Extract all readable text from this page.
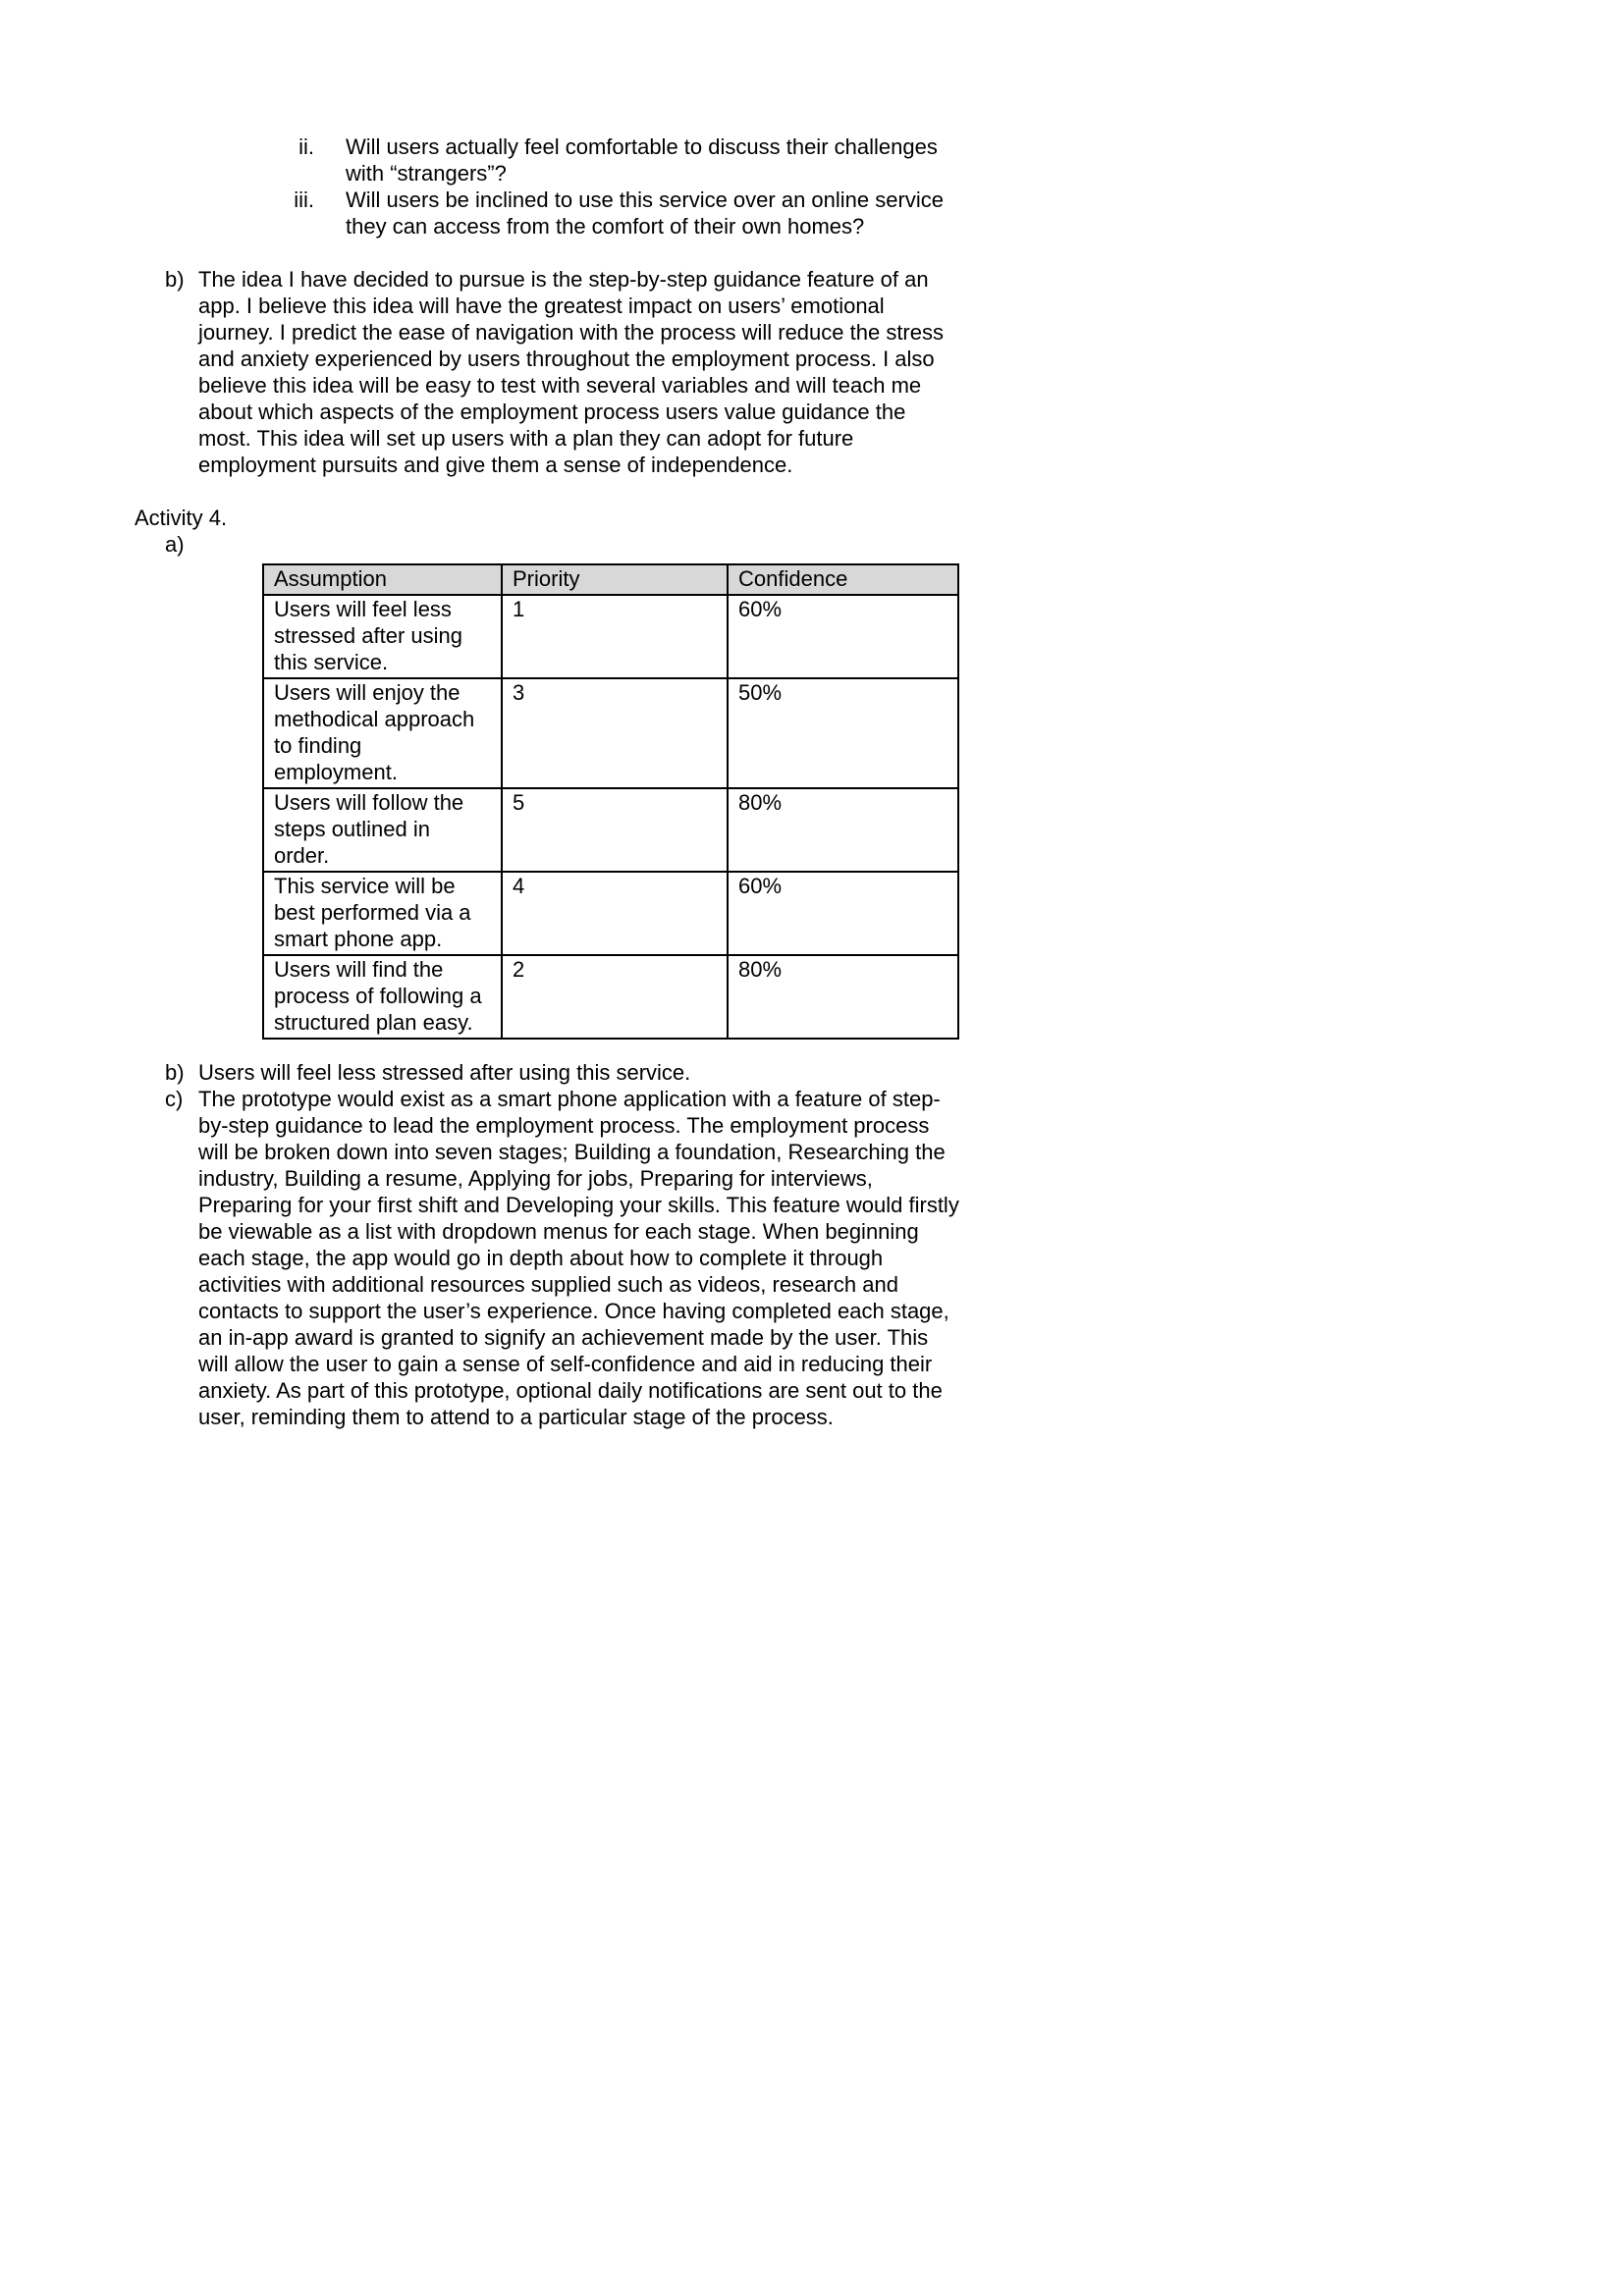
ii. Will users actually feel comfortable to discuss their challenges with “strangers”?
iii. Will users be inclined to use this service over an online service they can access from the comfort of their own homes?
b) The idea I have decided to pursue is the step-by-step guidance feature of an app. I believe this idea will have the greatest impact on users’ emotional journey. I predict the ease of navigation with the process will reduce the stress and anxiety experienced by users throughout the employment process. I also believe this idea will be easy to test with several variables and will teach me about which aspects of the employment process users value guidance the most. This idea will set up users with a plan they can adopt for future employment pursuits and give them a sense of independence.
Activity 4.
a)
Assumption	Priority	Confidence
Users will feel less stressed after using this service.	1	60%
Users will enjoy the methodical approach to finding employment.	3	50%
Users will follow the steps outlined in order.	5	80%
This service will be best performed via a smart phone app.	4	60%
Users will find the process of following a structured plan easy.	2	80%
b) Users will feel less stressed after using this service.
c) The prototype would exist as a smart phone application with a feature of step-by-step guidance to lead the employment process. The employment process will be broken down into seven stages; Building a foundation, Researching the industry, Building a resume, Applying for jobs, Preparing for interviews, Preparing for your first shift and Developing your skills. This feature would firstly be viewable as a list with dropdown menus for each stage. When beginning each stage, the app would go in depth about how to complete it through activities with additional resources supplied such as videos, research and contacts to support the user’s experience. Once having completed each stage, an in-app award is granted to signify an achievement made by the user. This will allow the user to gain a sense of self-confidence and aid in reducing their anxiety. As part of this prototype, optional daily notifications are sent out to the user, reminding them to attend to a particular stage of the process.
